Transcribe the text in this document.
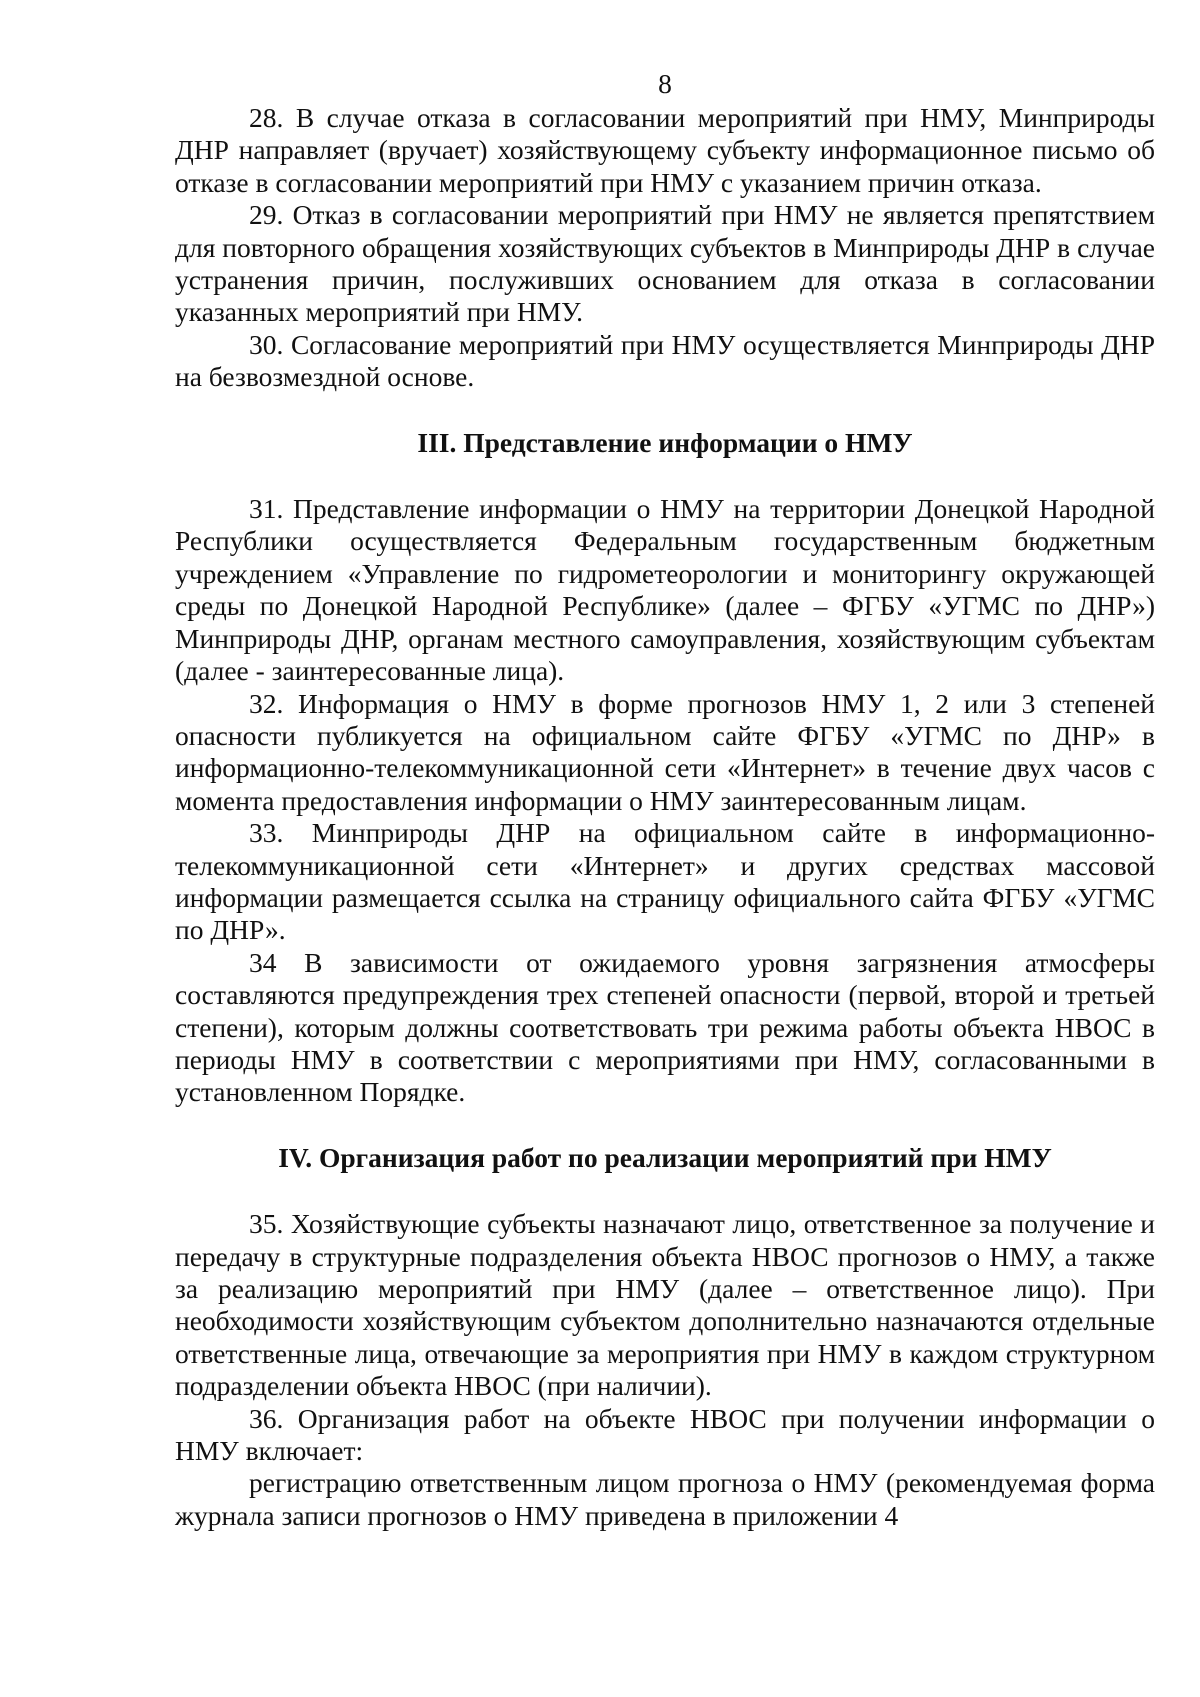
8

28. В случае отказа в согласовании мероприятий при НМУ, Минприроды ДНР направляет (вручает) хозяйствующему субъекту информационное письмо об отказе в согласовании мероприятий при НМУ с указанием причин отказа.

29. Отказ в согласовании мероприятий при НМУ не является препятствием для повторного обращения хозяйствующих субъектов в Минприроды ДНР в случае устранения причин, послуживших основанием для отказа в согласовании указанных мероприятий при НМУ.

30. Согласование мероприятий при НМУ осуществляется Минприроды ДНР на безвозмездной основе.

III. Представление информации о НМУ

31. Представление информации о НМУ на территории Донецкой Народной Республики осуществляется Федеральным государственным бюджетным учреждением «Управление по гидрометеорологии и мониторингу окружающей среды по Донецкой Народной Республике» (далее – ФГБУ «УГМС по ДНР») Минприроды ДНР, органам местного самоуправления, хозяйствующим субъектам (далее - заинтересованные лица).

32. Информация о НМУ в форме прогнозов НМУ 1, 2 или 3 степеней опасности публикуется на официальном сайте ФГБУ «УГМС по ДНР» в информационно-телекоммуникационной сети «Интернет» в течение двух часов с момента предоставления информации о НМУ заинтересованным лицам.

33. Минприроды ДНР на официальном сайте в информационно-телекоммуникационной сети «Интернет» и других средствах массовой информации размещается ссылка на страницу официального сайта ФГБУ «УГМС по ДНР».

34 В зависимости от ожидаемого уровня загрязнения атмосферы составляются предупреждения трех степеней опасности (первой, второй и третьей степени), которым должны соответствовать три режима работы объекта НВОС в периоды НМУ в соответствии с мероприятиями при НМУ, согласованными в установленном Порядке.

IV. Организация работ по реализации мероприятий при НМУ

35. Хозяйствующие субъекты назначают лицо, ответственное за получение и передачу в структурные подразделения объекта НВОС прогнозов о НМУ, а также за реализацию мероприятий при НМУ (далее – ответственное лицо). При необходимости хозяйствующим субъектом дополнительно назначаются отдельные ответственные лица, отвечающие за мероприятия при НМУ в каждом структурном подразделении объекта НВОС (при наличии).

36. Организация работ на объекте НВОС при получении информации о НМУ включает:

регистрацию ответственным лицом прогноза о НМУ (рекомендуемая форма журнала записи прогнозов о НМУ приведена в приложении 4
